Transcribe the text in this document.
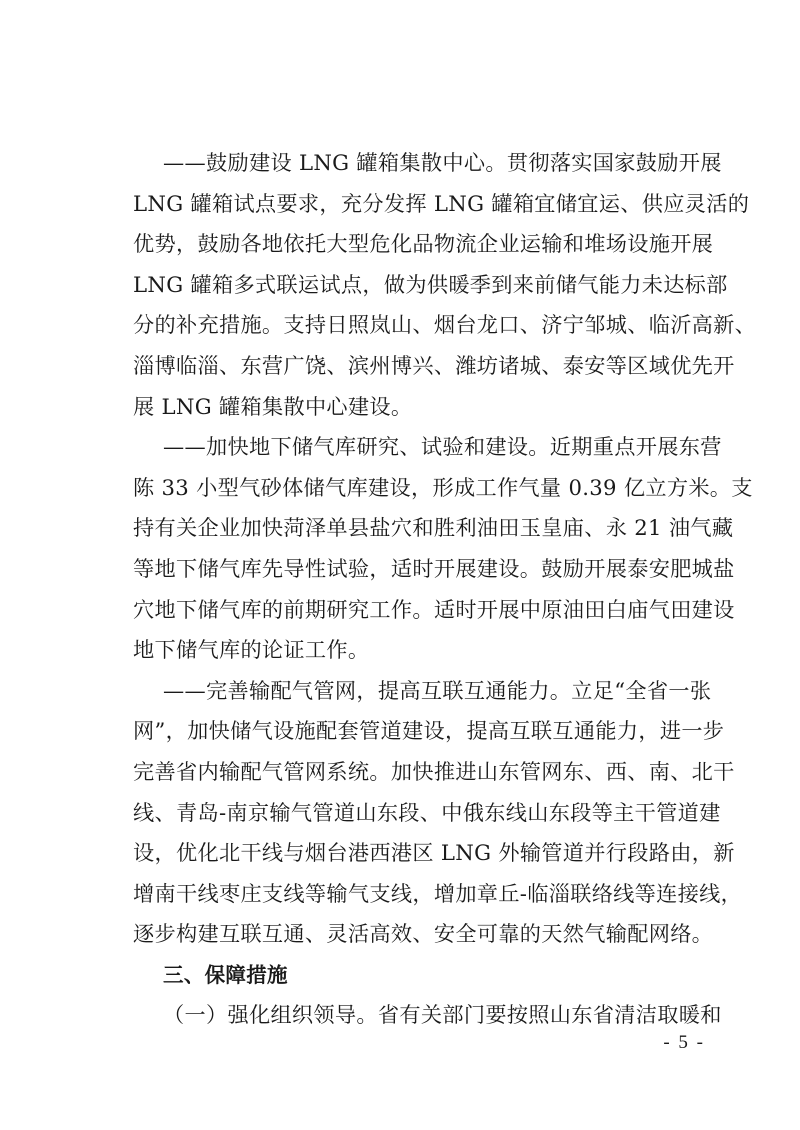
——鼓励建设 LNG 罐箱集散中心。贯彻落实国家鼓励开展
LNG 罐箱试点要求，充分发挥 LNG 罐箱宜储宜运、供应灵活的
优势，鼓励各地依托大型危化品物流企业运输和堆场设施开展
LNG 罐箱多式联运试点，做为供暖季到来前储气能力未达标部
分的补充措施。支持日照岚山、烟台龙口、济宁邹城、临沂高新、
淄博临淄、东营广饶、滨州博兴、潍坊诸城、泰安等区域优先开
展 LNG 罐箱集散中心建设。
——加快地下储气库研究、试验和建设。近期重点开展东营
陈 33 小型气砂体储气库建设，形成工作气量 0.39 亿立方米。支
持有关企业加快菏泽单县盐穴和胜利油田玉皇庙、永 21 油气藏
等地下储气库先导性试验，适时开展建设。鼓励开展泰安肥城盐
穴地下储气库的前期研究工作。适时开展中原油田白庙气田建设
地下储气库的论证工作。
——完善输配气管网，提高互联互通能力。立足“全省一张
网”，加快储气设施配套管道建设，提高互联互通能力，进一步
完善省内输配气管网系统。加快推进山东管网东、西、南、北干
线、青岛-南京输气管道山东段、中俄东线山东段等主干管道建
设，优化北干线与烟台港西港区 LNG 外输管道并行段路由，新
增南干线枣庄支线等输气支线，增加章丘-临淄联络线等连接线，
逐步构建互联互通、灵活高效、安全可靠的天然气输配网络。
三、保障措施
（一）强化组织领导。省有关部门要按照山东省清洁取暖和
- 5 -
